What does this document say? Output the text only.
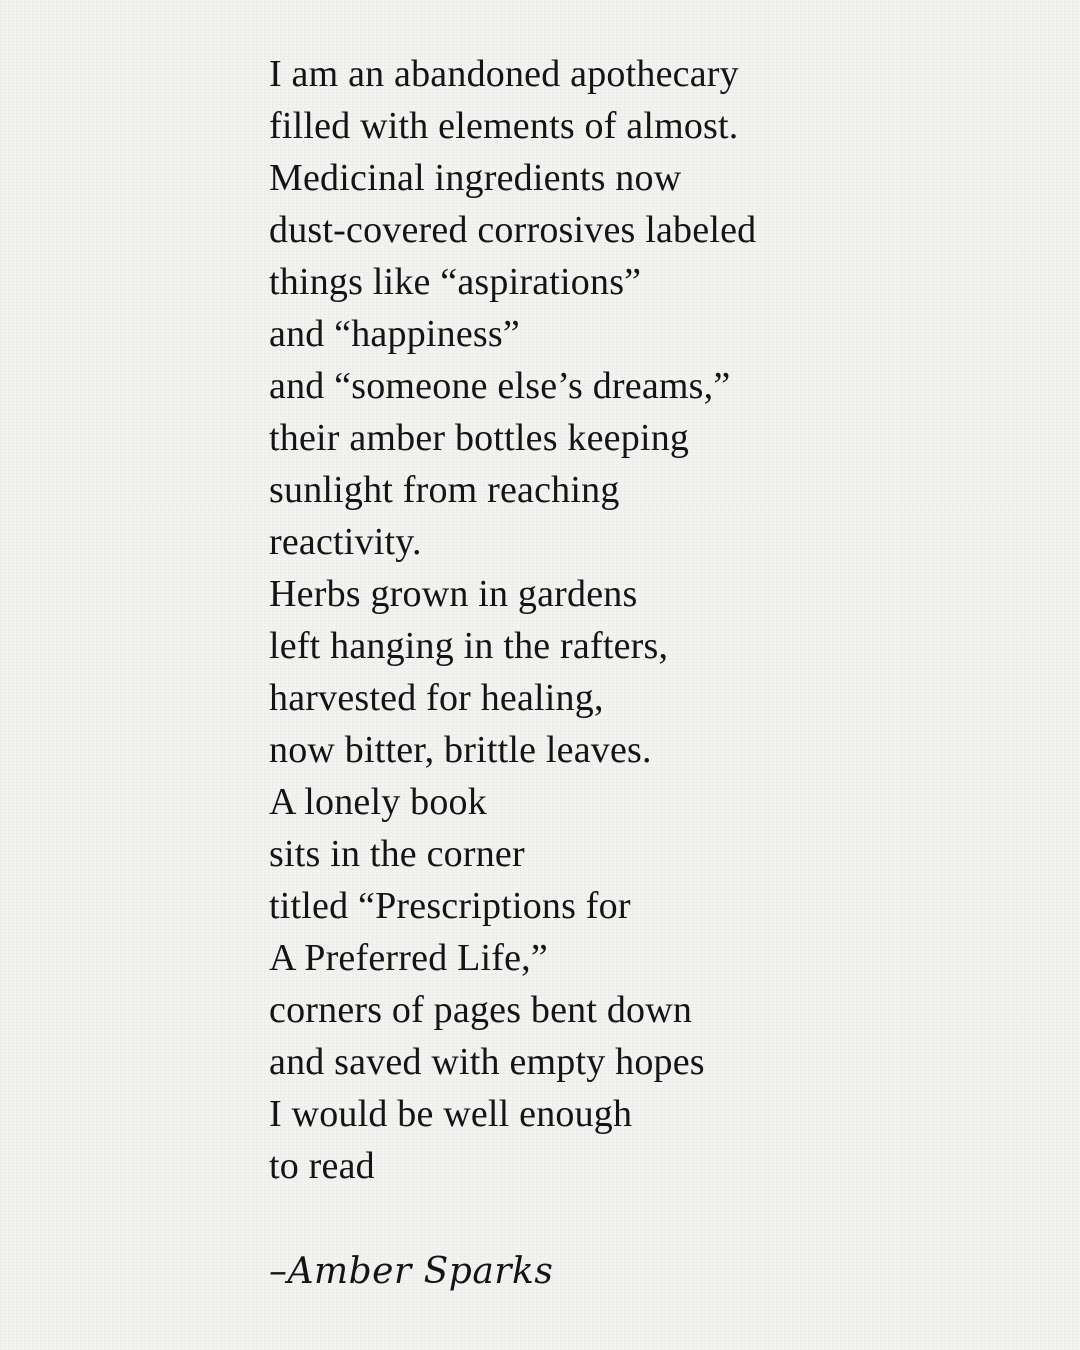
I am an abandoned apothecary
filled with elements of almost.
Medicinal ingredients now
dust-covered corrosives labeled
things like “aspirations”
and “happiness”
and “someone else’s dreams,”
their amber bottles keeping
sunlight from reaching
reactivity.
Herbs grown in gardens
left hanging in the rafters,
harvested for healing,
now bitter, brittle leaves.
A lonely book
sits in the corner
titled “Prescriptions for
A Preferred Life,”
corners of pages bent down
and saved with empty hopes
I would be well enough
to read
–Amber Sparks
